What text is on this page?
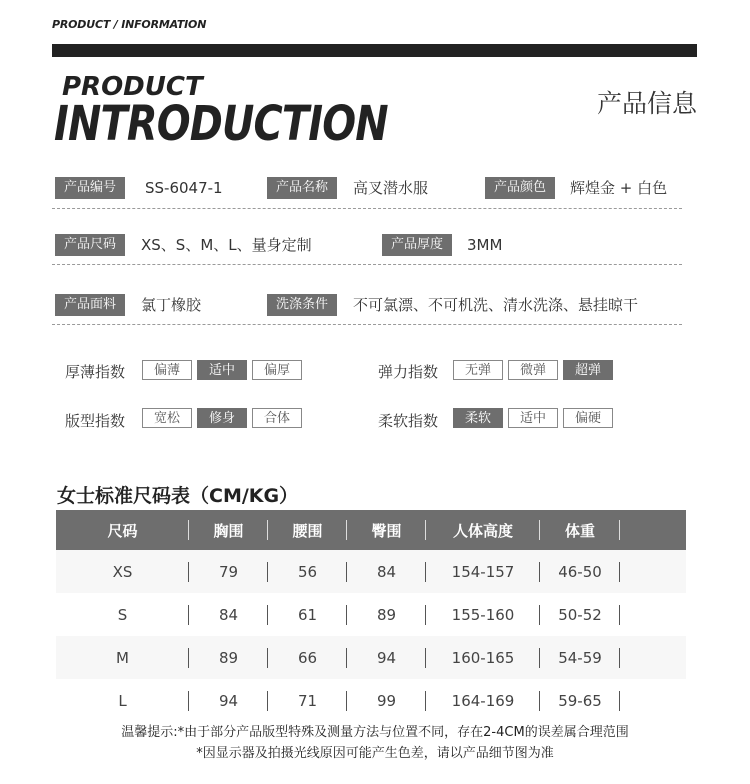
PRODUCT / INFORMATION
PRODUCT
INTRODUCTION	产品信息
产品编号	SS-6047-1	产品名称	高叉潜水服	产品颜色	辉煌金 + 白色
产品尺码	XS、S、M、L、量身定制	产品厚度	3MM
产品面料	氯丁橡胶	洗涤条件	不可氯漂、不可机洗、清水洗涤、悬挂晾干
厚薄指数	偏薄	适中	偏厚	弹力指数	无弹	微弹	超弹
版型指数	宽松	修身	合体	柔软指数	柔软	适中	偏硬
女士标准尺码表（CM/KG）
尺码	胸围	腰围	臀围	人体高度	体重	
XS	79	56	84	154-157	46-50	
S	84	61	89	155-160	50-52	
M	89	66	94	160-165	54-59	
L	94	71	99	164-169	59-65	
温馨提示:*由于部分产品版型特殊及测量方法与位置不同，存在2-4CM的误差属合理范围
*因显示器及拍摄光线原因可能产生色差，请以产品细节图为准
